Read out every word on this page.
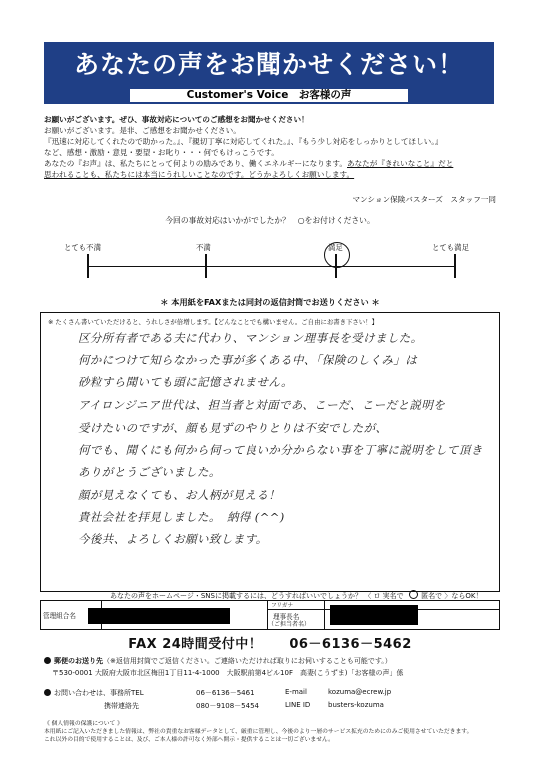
あなたの声をお聞かせください！
Customer's Voice　お客様の声
お願いがございます。ぜひ、事故対応についてのご感想をお聞かせください！
お願いがございます。是非、ご感想をお聞かせください。
『迅速に対応してくれたので助かった。』、『親切丁寧に対応してくれた。』、『もう少し対応をしっかりとしてほしい。』
など、感想・激励・意見・要望・お叱り・・・何でもけっこうです。
あなたの『お声』は、私たちにとって何よりの励みであり、働くエネルギーになります。あなたが『きれいなこと』だと
思われることも、私たちには本当にうれしいことなのです。どうかよろしくお願いします。
マンション保険バスターズ　スタッフ一同
今回の事故対応はいかがでしたか？　○をお付けください。
とても不満	不満	満足	とても満足
＊ 本用紙をFAXまたは同封の返信封筒でお送りください ＊
※ たくさん書いていただけると、うれしさが倍増します。【どんなことでも構いません。ご自由にお書き下さい！】
区分所有者である夫に代わり、マンション理事長を受けました。
何かにつけて知らなかった事が多くある中、「保険のしくみ」は
砂粒すら聞いても頭に記憶されません。
アイロンジニア世代は、担当者と対面であ、こーだ、こーだと説明を
受けたいのですが、顔も見ずのやりとりは不安でしたが、
何でも、聞くにも何から伺って良いか分からない事を丁寧に説明をして頂き
ありがとうございました。
顔が見えなくても、お人柄が見える！
貴社会社を拝見しました。　納得 (^^)
今後共、よろしくお願い致します。
あなたの声をホームページ・SNSに掲載するには、どうすればいいでしょうか？ 〈 ロ 実名で 匿名で 〉ならOK！
管理組合名
フリガナ
理事長名
（ご担当者名）
FAX 24時間受付中！　　 06－6136－5462
郵便のお送り先（※返信用封筒でご返信ください。ご連絡いただければ取りにお伺いすることも可能です。）
〒530-0001 大阪府大阪市北区梅田1丁目11-4-1000　大阪駅前第4ビル10F　高妻(こうずま)「お客様の声」係
お問い合わせは、事務所TEL	06－6136－5461	E-mail	kozuma@ecrew.jp
携帯連絡先	080－9108－5454	LINE ID	busters-kozuma
《 個人情報の保護について 》
本用紙にご記入いただきました情報は、弊社の貴重なお客様データとして、厳重に管理し、今後のより一層のサービス拡充のためにのみご使用させていただきます。
これ以外の目的で使用することは、及び、ご本人様の許可なく外部へ開示・提供することは一切ございません。
